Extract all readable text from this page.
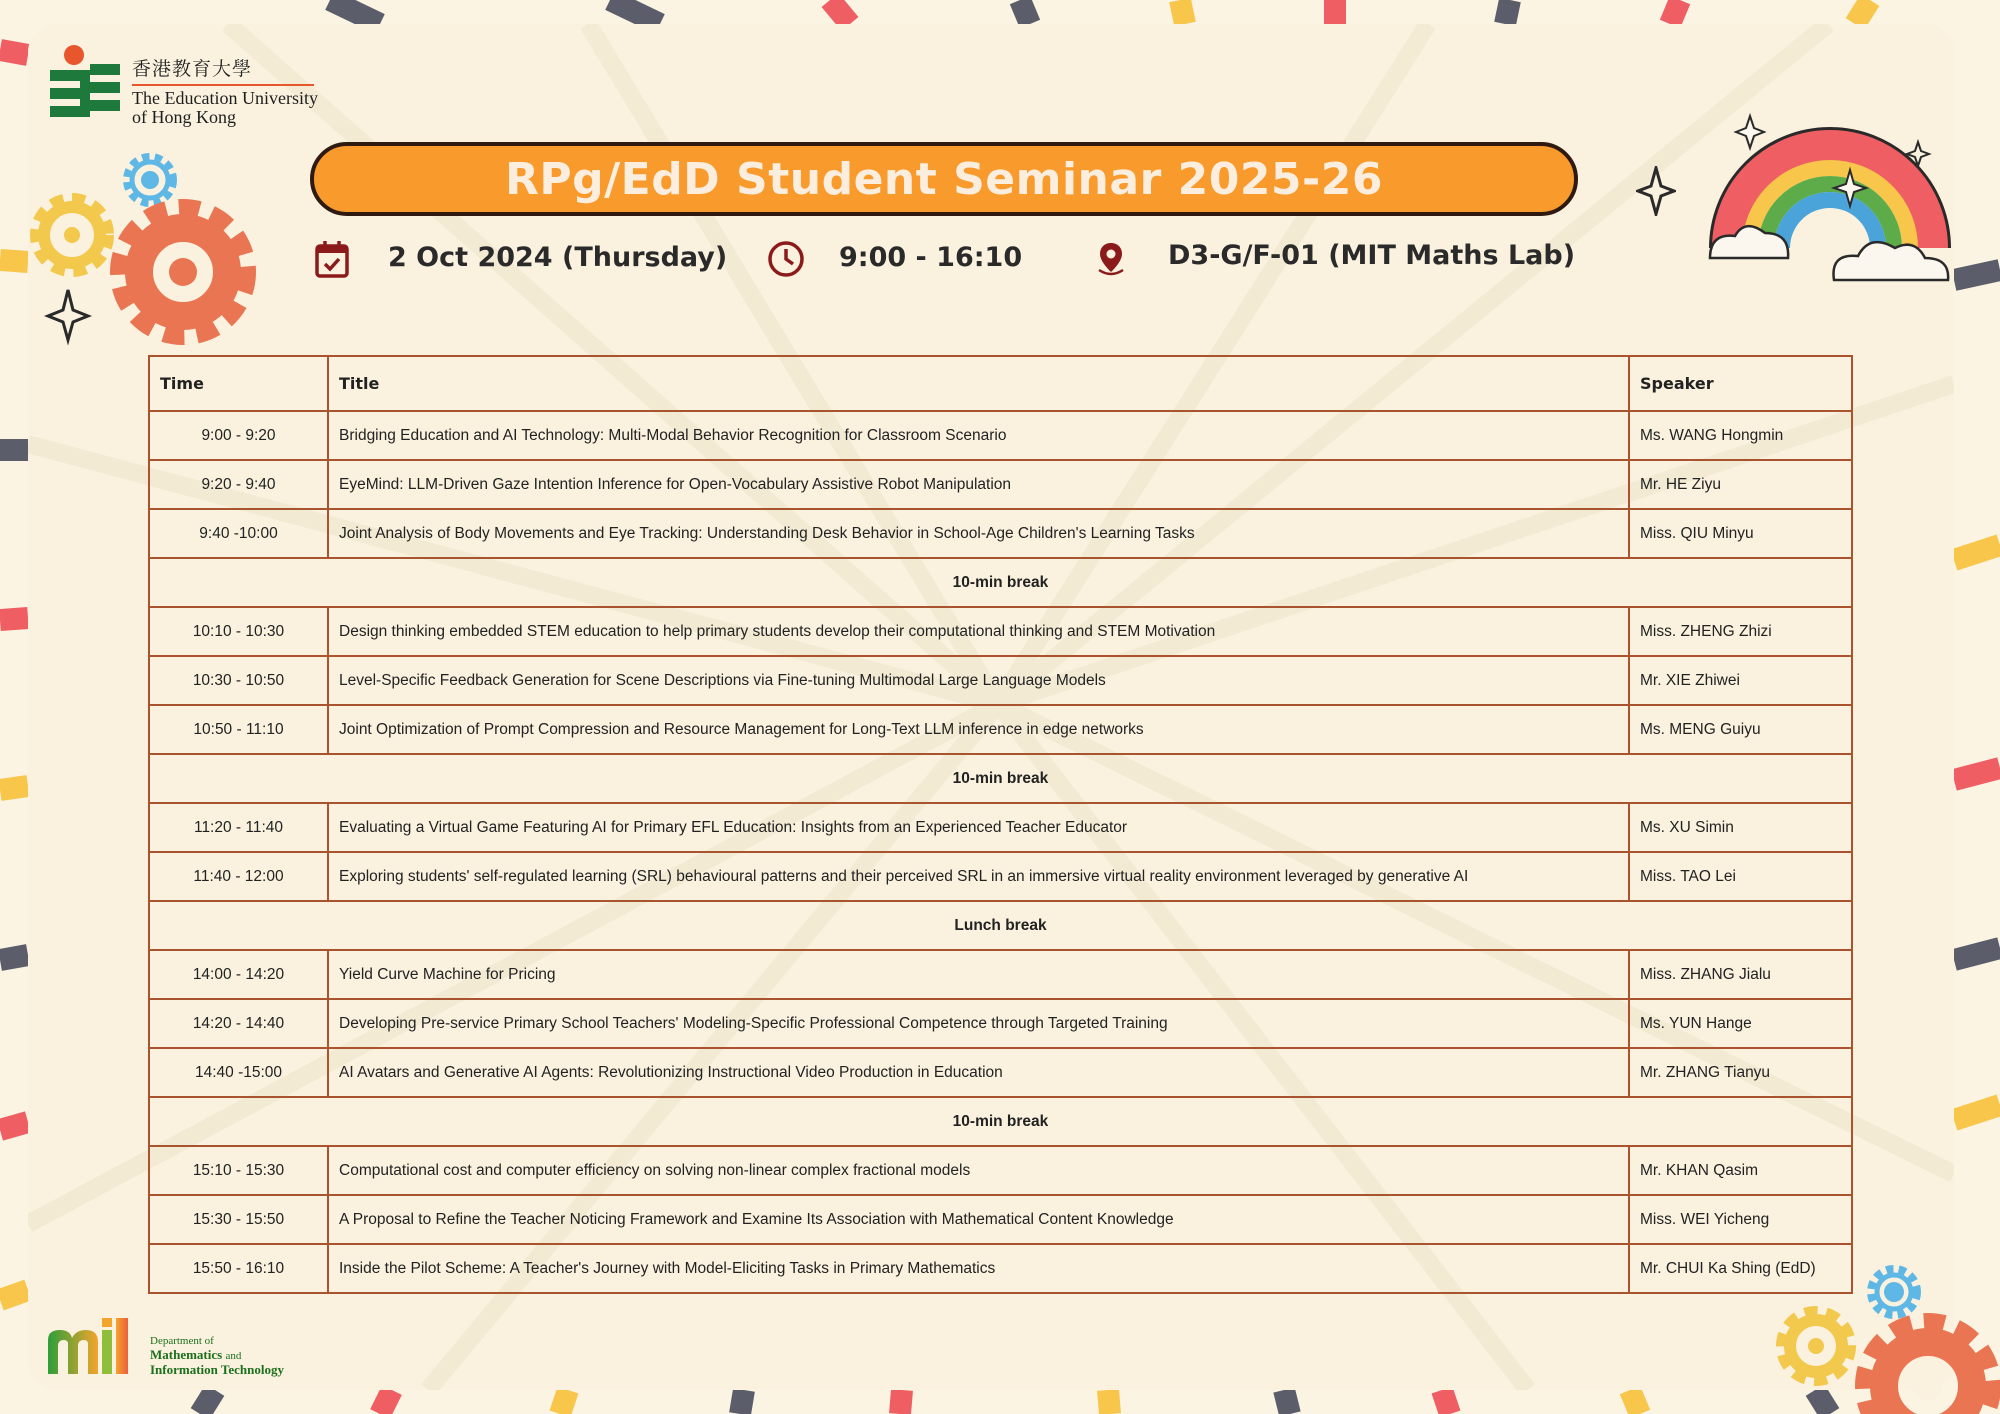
香港教育大學
The Education University
of Hong Kong
RPg/EdD Student Seminar 2025-26
2 Oct 2024 (Thursday)	9:00 - 16:10	D3-G/F-01 (MIT Maths Lab)
Time	Title	Speaker
9:00 - 9:20	Bridging Education and AI Technology: Multi-Modal Behavior Recognition for Classroom Scenario	Ms. WANG Hongmin
9:20 - 9:40	EyeMind: LLM-Driven Gaze Intention Inference for Open-Vocabulary Assistive Robot Manipulation	Mr. HE Ziyu
9:40 -10:00	Joint Analysis of Body Movements and Eye Tracking: Understanding Desk Behavior in School-Age Children's Learning Tasks	Miss. QIU Minyu
10-min break		
10:10 - 10:30	Design thinking embedded STEM education to help primary students develop their computational thinking and STEM Motivation	Miss. ZHENG Zhizi
10:30 - 10:50	Level-Specific Feedback Generation for Scene Descriptions via Fine-tuning Multimodal Large Language Models	Mr. XIE Zhiwei
10:50 - 11:10	Joint Optimization of Prompt Compression and Resource Management for Long-Text LLM inference in edge networks	Ms. MENG Guiyu
10-min break		
11:20 - 11:40	Evaluating a Virtual Game Featuring AI for Primary EFL Education: Insights from an Experienced Teacher Educator	Ms. XU Simin
11:40 - 12:00	Exploring students' self-regulated learning (SRL) behavioural patterns and their perceived SRL in an immersive virtual reality environment leveraged by generative AI	Miss. TAO Lei
Lunch break		
14:00 - 14:20	Yield Curve Machine for Pricing	Miss. ZHANG Jialu
14:20 - 14:40	Developing Pre-service Primary School Teachers' Modeling-Specific Professional Competence through Targeted Training	Ms. YUN Hange
14:40 -15:00	AI Avatars and Generative AI Agents: Revolutionizing Instructional Video Production in Education	Mr. ZHANG Tianyu
10-min break		
15:10 - 15:30	Computational cost and computer efficiency on solving non-linear complex fractional models	Mr. KHAN Qasim
15:30 - 15:50	A Proposal to Refine the Teacher Noticing Framework and Examine Its Association with Mathematical Content Knowledge	Miss. WEI Yicheng
15:50 - 16:10	Inside the Pilot Scheme: A Teacher's Journey with Model-Eliciting Tasks in Primary Mathematics	Mr. CHUI Ka Shing (EdD)
Department of
Mathematics and
Information Technology
